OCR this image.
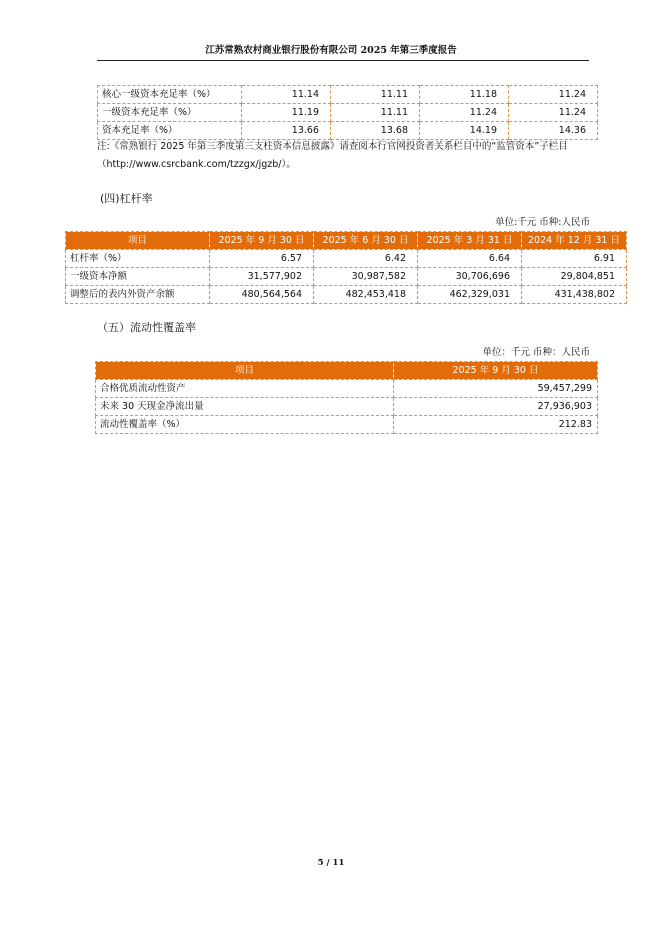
江苏常熟农村商业银行股份有限公司 2025 年第三季度报告
核心一级资本充足率（%）	11.14	11.11	11.18	11.24
一级资本充足率（%）	11.19	11.11	11.24	11.24
资本充足率（%）	13.66	13.68	14.19	14.36
注:《常熟银行 2025 年第三季度第三支柱资本信息披露》请查阅本行官网投资者关系栏目中的“监管资本”子栏目（http://www.csrcbank.com/tzzgx/jgzb/）。
(四)杠杆率
单位:千元 币种:人民币
项目	2025 年 9 月 30 日	2025 年 6 月 30 日	2025 年 3 月 31 日	2024 年 12 月 31 日
杠杆率（%）	6.57	6.42	6.64	6.91
一级资本净额	31,577,902	30,987,582	30,706,696	29,804,851
调整后的表内外资产余额	480,564,564	482,453,418	462,329,031	431,438,802
（五）流动性覆盖率
单位：千元 币种：人民币
项目	2025 年 9 月 30 日
合格优质流动性资产	59,457,299
未来 30 天现金净流出量	27,936,903
流动性覆盖率（%）	212.83
5 / 11
